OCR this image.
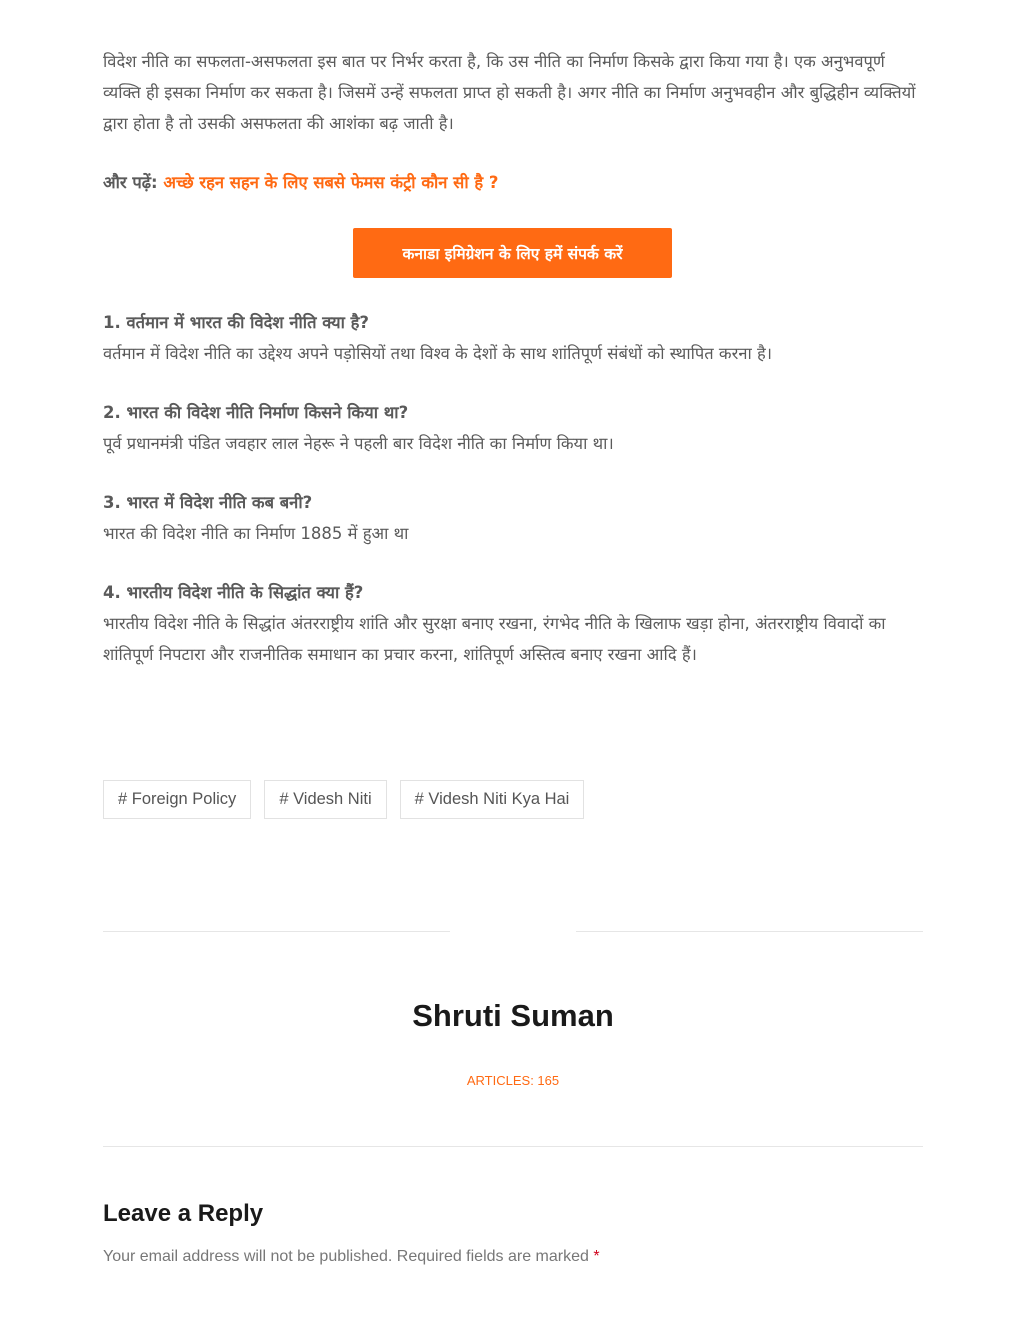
विदेश नीति का सफलता-असफलता इस बात पर निर्भर करता है, कि उस नीति का निर्माण किसके द्वारा किया गया है। एक अनुभवपूर्ण व्यक्ति ही इसका निर्माण कर सकता है। जिसमें उन्हें सफलता प्राप्त हो सकती है। अगर नीति का निर्माण अनुभवहीन और बुद्धिहीन व्यक्तियों द्वारा होता है तो उसकी असफलता की आशंका बढ़ जाती है।

और पढ़ें: अच्छे रहन सहन के लिए सबसे फेमस कंट्री कौन सी है ?
कनाडा इमिग्रेशन के लिए हमें संपर्क करें

1. वर्तमान में भारत की विदेश नीति क्या है?

वर्तमान में विदेश नीति का उद्देश्य अपने पड़ोसियों तथा विश्व के देशों के साथ शांतिपूर्ण संबंधों को स्थापित करना है।

2. भारत की विदेश नीति निर्माण किसने किया था?

पूर्व प्रधानमंत्री पंडित जवहार लाल नेहरू ने पहली बार विदेश नीति का निर्माण किया था।

3. भारत में विदेश नीति कब बनी?

भारत की विदेश नीति का निर्माण 1885 में हुआ था

4. भारतीय विदेश नीति के सिद्धांत क्या हैं?

भारतीय विदेश नीति के सिद्धांत अंतरराष्ट्रीय शांति और सुरक्षा बनाए रखना, रंगभेद नीति के खिलाफ खड़ा होना, अंतरराष्ट्रीय विवादों का शांतिपूर्ण निपटारा और राजनीतिक समाधान का प्रचार करना, शांतिपूर्ण अस्तित्व बनाए रखना आदि हैं।

# Foreign Policy	# Videsh Niti	# Videsh Niti Kya Hai
Shruti Suman
ARTICLES: 165
Leave a Reply
Your email address will not be published. Required fields are marked *
